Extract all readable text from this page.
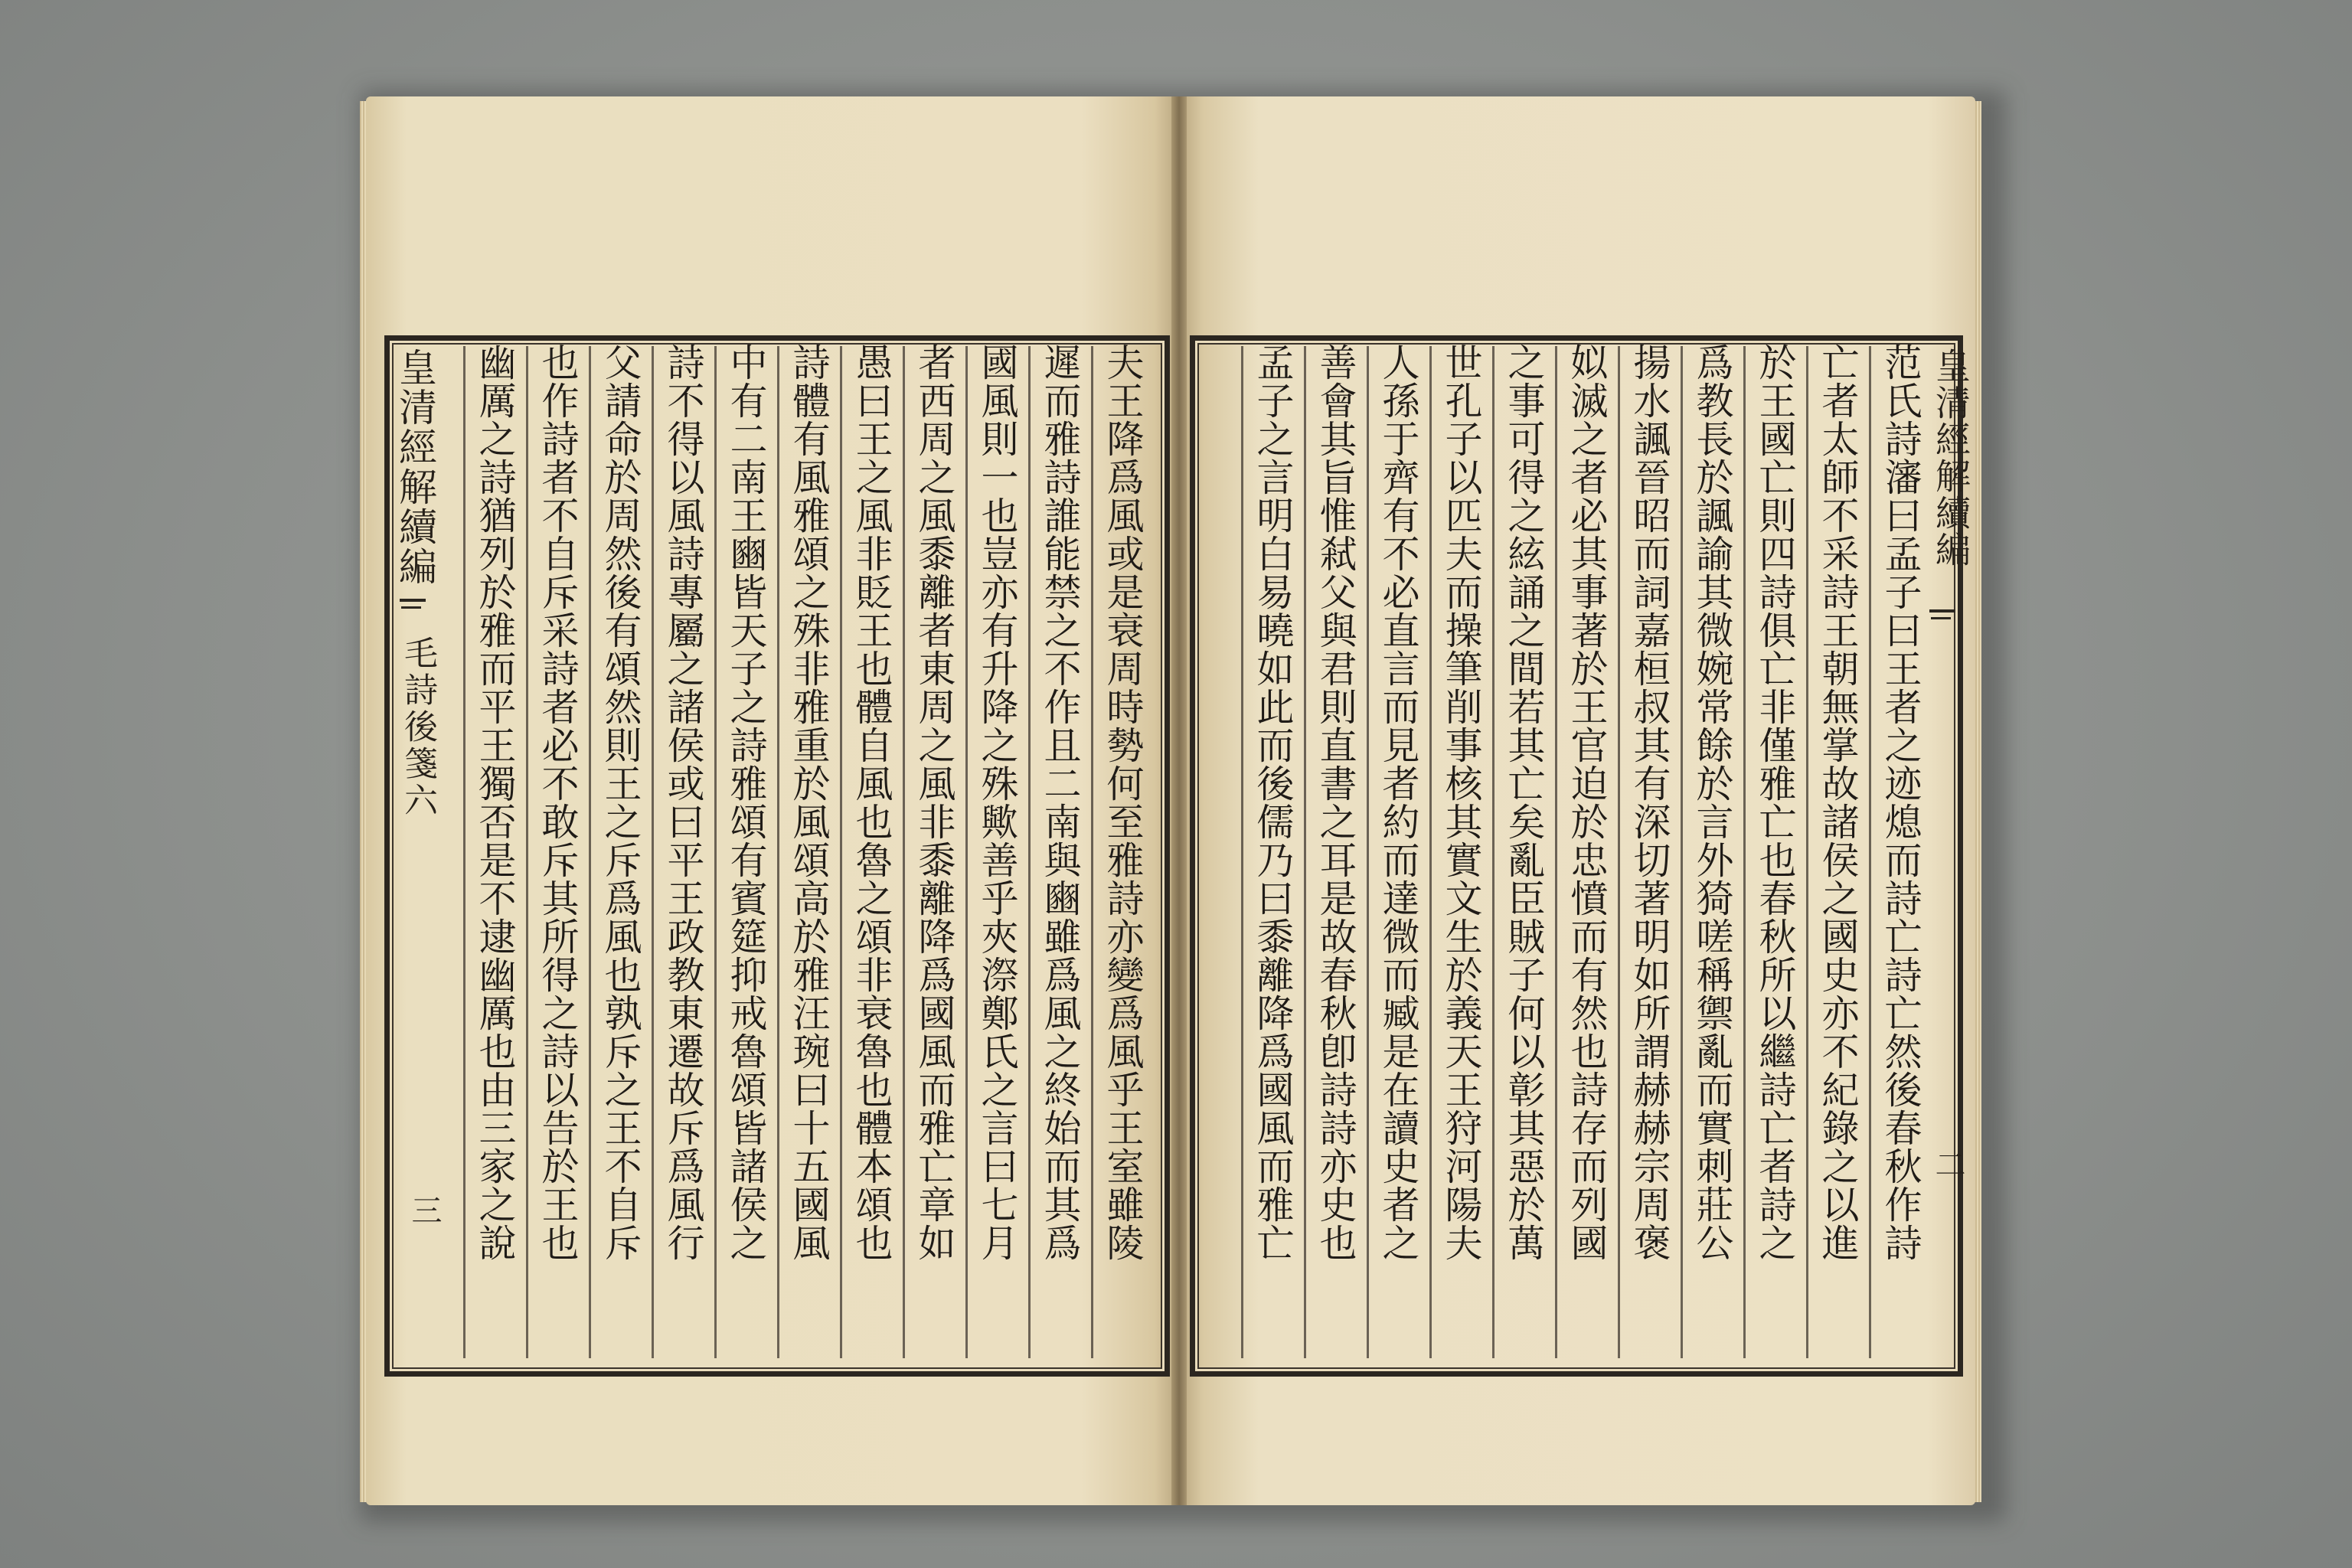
夫王降爲風或是衰周時勢何至雅詩亦變爲風乎王室雖陵
遲而雅詩誰能禁之不作且二南與豳雖爲風之終始而其爲
國風則一也豈亦有升降之殊歟善乎夾漈鄭氏之言曰七月
者西周之風黍離者東周之風非黍離降爲國風而雅亡章如
愚曰王之風非貶王也體自風也魯之頌非衰魯也體本頌也
詩體有風雅頌之殊非雅重於風頌高於雅汪琬曰十五國風
中有二南王豳皆天子之詩雅頌有賓筵抑戒魯頌皆諸侯之
詩不得以風詩專屬之諸侯或曰平王政教東遷故斥爲風行
父請命於周然後有頌然則王之斥爲風也孰斥之王不自斥
也作詩者不自斥采詩者必不敢斥其所得之詩以告於王也
幽厲之詩猶列於雅而平王獨否是不逮幽厲也由三家之說
皇清經解續編
毛詩後箋六
三	范氏詩瀋曰孟子曰王者之迹熄而詩亡詩亡然後春秋作詩
亡者太師不采詩王朝無掌故諸侯之國史亦不紀錄之以進
於王國亡則四詩俱亡非僅雅亡也春秋所以繼詩亡者詩之
爲教長於諷諭其微婉常餘於言外猗嗟稱禦亂而實刺莊公
揚水諷晉昭而詞嘉桓叔其有深切著明如所謂赫赫宗周褒
姒滅之者必其事著於王官迫於忠憤而有然也詩存而列國
之事可得之絃誦之間若其亡矣亂臣賊子何以彰其惡於萬
世孔子以匹夫而操筆削事核其實文生於義天王狩河陽夫
人孫于齊有不必直言而見者約而達微而臧是在讀史者之
善會其旨惟弒父與君則直書之耳是故春秋卽詩詩亦史也
孟子之言明白易曉如此而後儒乃曰黍離降爲國風而雅亡	皇清經解續編
二
